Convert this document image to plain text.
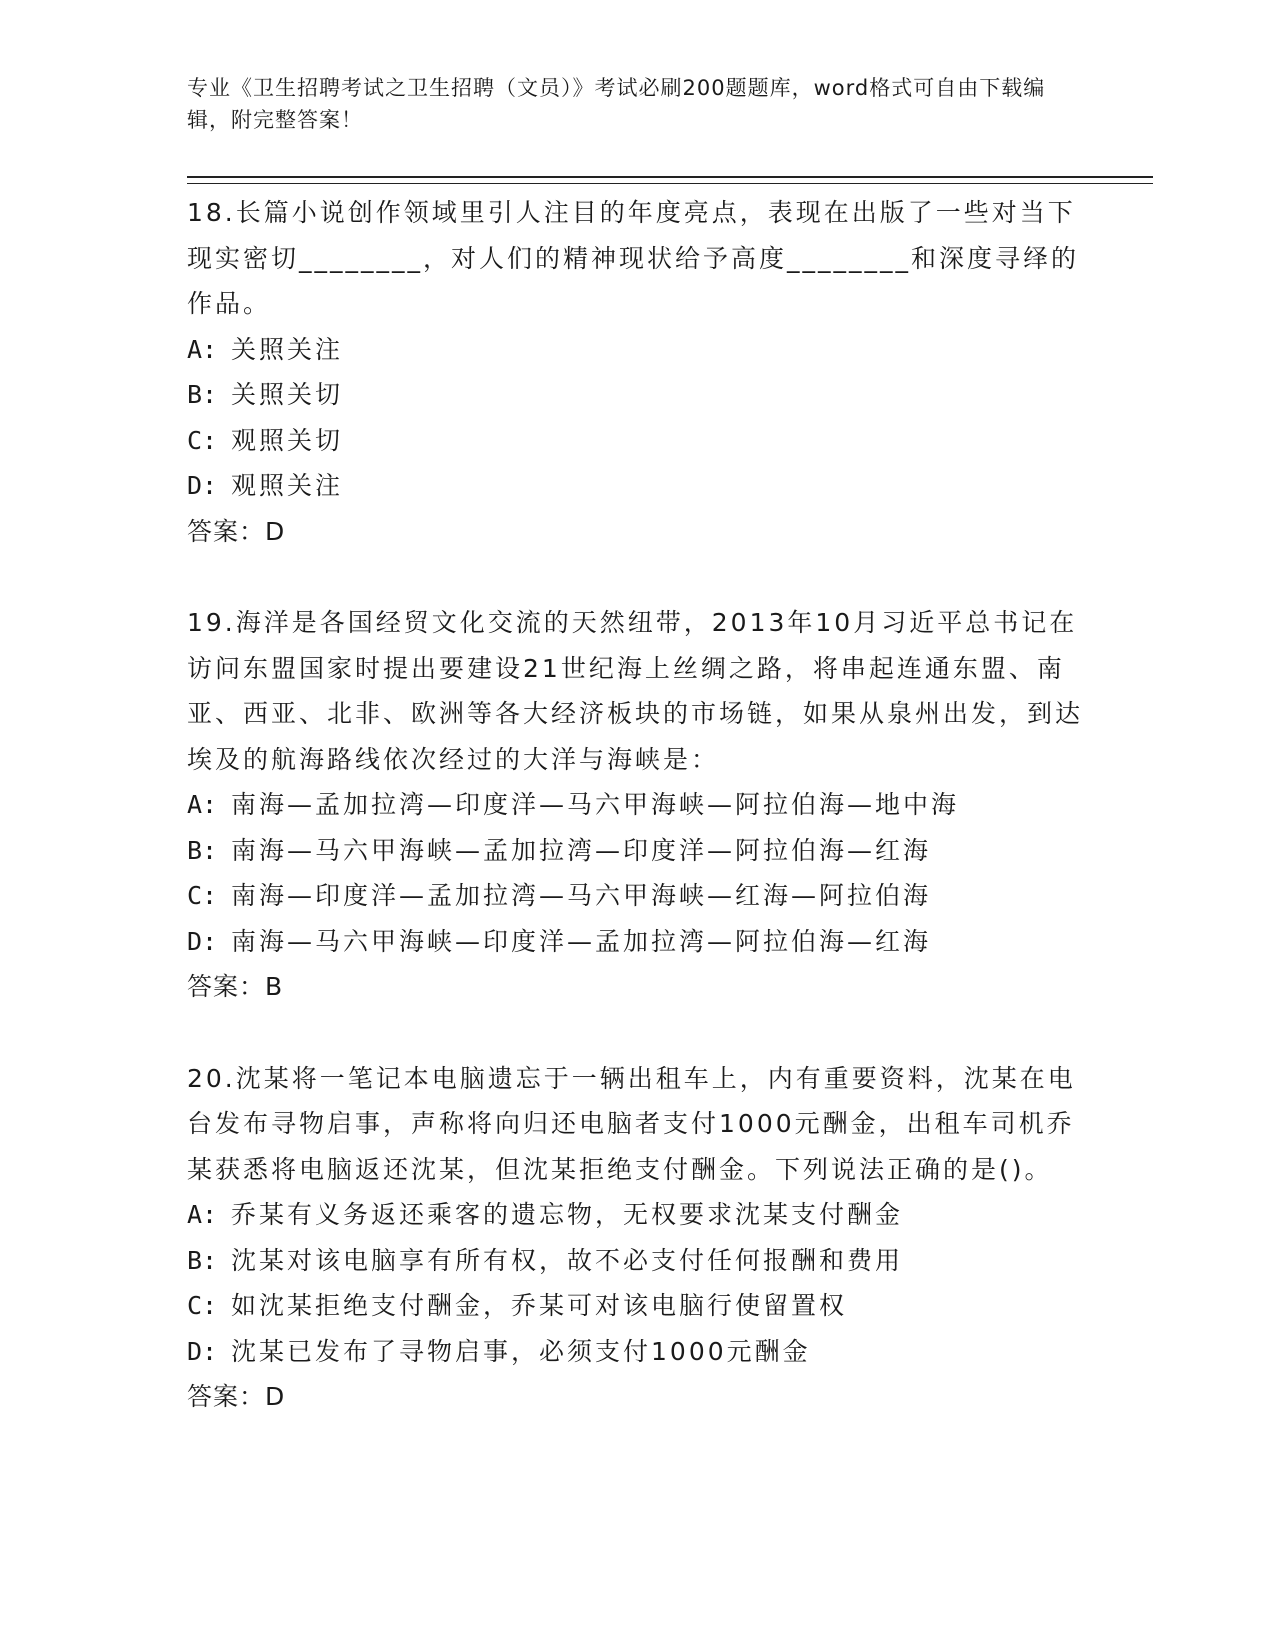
专业《卫生招聘考试之卫生招聘（文员）》考试必刷200题题库，word格式可自由下载编辑，附完整答案！

18.长篇小说创作领域里引人注目的年度亮点，表现在出版了一些对当下现实密切________，对人们的精神现状给予高度________和深度寻绎的作品。

A: 关照关注

B: 关照关切

C: 观照关切

D: 观照关注

答案：D

19.海洋是各国经贸文化交流的天然纽带，2013年10月习近平总书记在访问东盟国家时提出要建设21世纪海上丝绸之路，将串起连通东盟、南亚、西亚、北非、欧洲等各大经济板块的市场链，如果从泉州出发，到达埃及的航海路线依次经过的大洋与海峡是：

A: 南海—孟加拉湾—印度洋—马六甲海峡—阿拉伯海—地中海

B: 南海—马六甲海峡—孟加拉湾—印度洋—阿拉伯海—红海

C: 南海—印度洋—孟加拉湾—马六甲海峡—红海—阿拉伯海

D: 南海—马六甲海峡—印度洋—孟加拉湾—阿拉伯海—红海

答案：B

20.沈某将一笔记本电脑遗忘于一辆出租车上，内有重要资料，沈某在电台发布寻物启事，声称将向归还电脑者支付1000元酬金，出租车司机乔某获悉将电脑返还沈某，但沈某拒绝支付酬金。下列说法正确的是()。

A: 乔某有义务返还乘客的遗忘物，无权要求沈某支付酬金

B: 沈某对该电脑享有所有权，故不必支付任何报酬和费用

C: 如沈某拒绝支付酬金，乔某可对该电脑行使留置权

D: 沈某已发布了寻物启事，必须支付1000元酬金

答案：D
